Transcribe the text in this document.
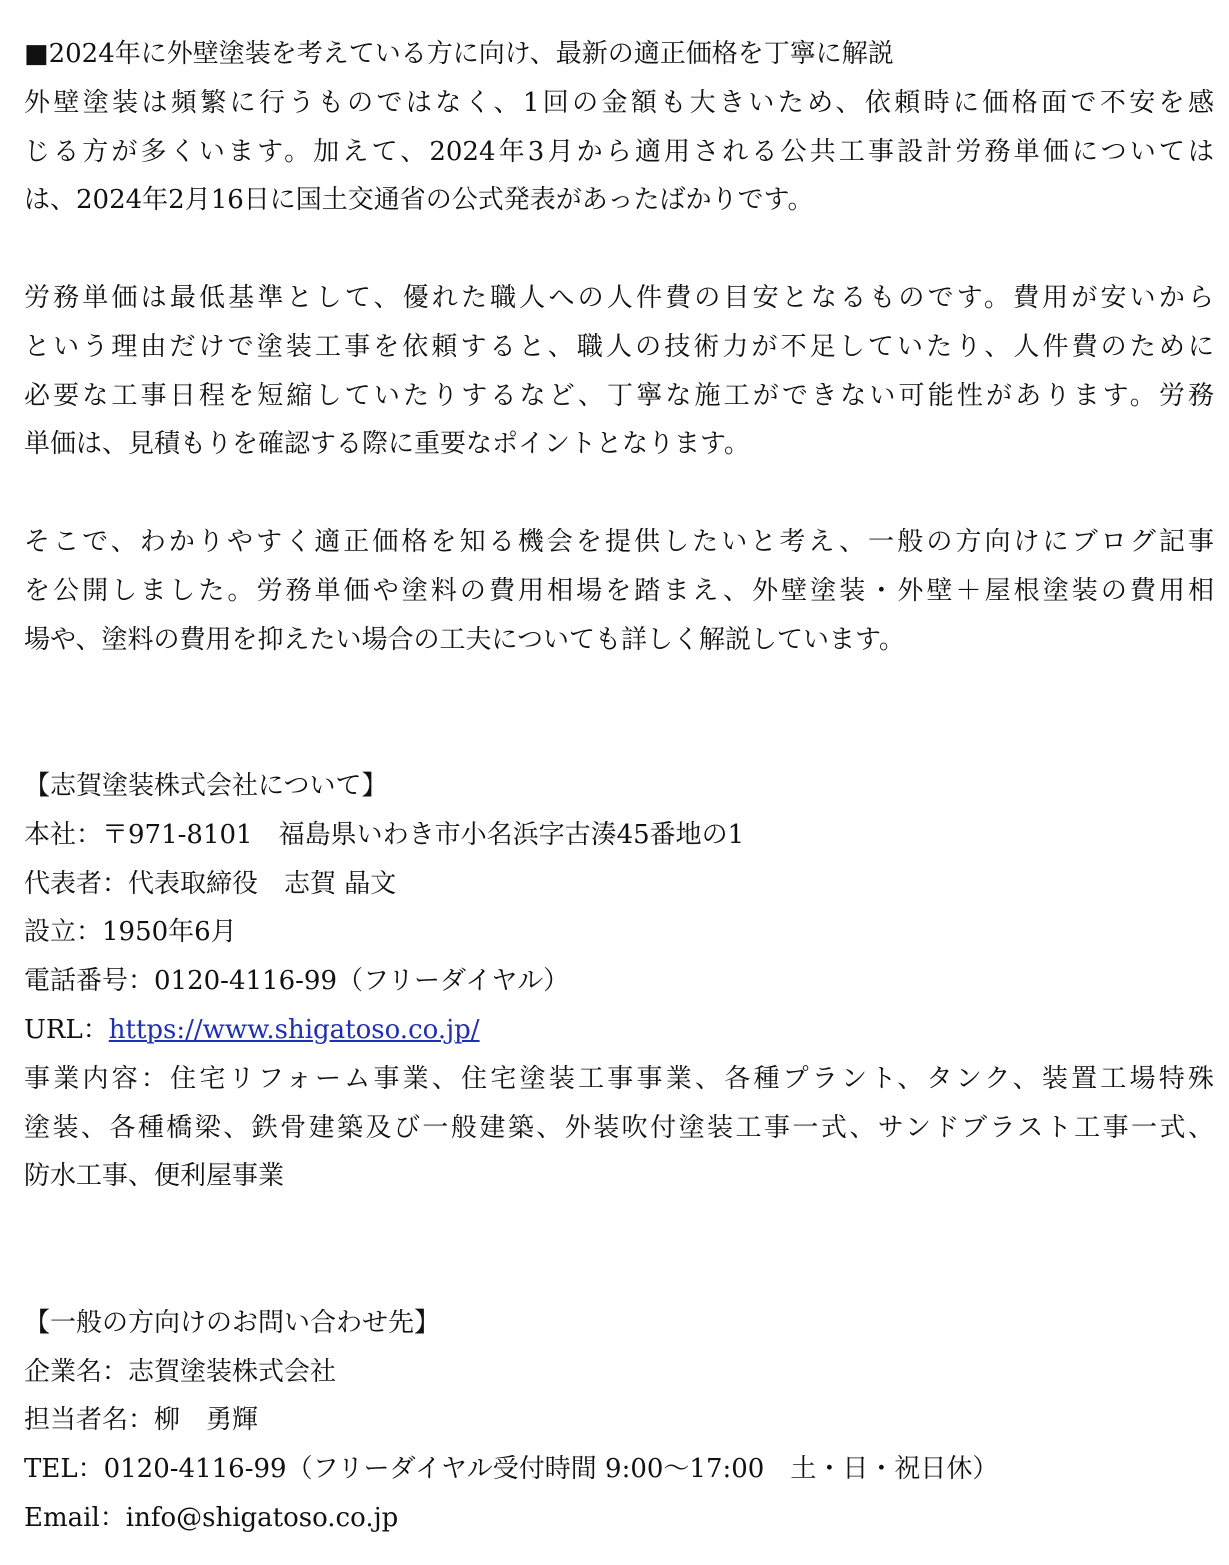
■2024年に外壁塗装を考えている方に向け、最新の適正価格を丁寧に解説
外壁塗装は頻繁に行うものではなく、1回の金額も大きいため、依頼時に価格面で不安を感
じる方が多くいます。加えて、2024年3月から適用される公共工事設計労務単価については
は、2024年2月16日に国土交通省の公式発表があったばかりです。
労務単価は最低基準として、優れた職人への人件費の目安となるものです。費用が安いから
という理由だけで塗装工事を依頼すると、職人の技術力が不足していたり、人件費のために
必要な工事日程を短縮していたりするなど、丁寧な施工ができない可能性があります。労務
単価は、見積もりを確認する際に重要なポイントとなります。
そこで、わかりやすく適正価格を知る機会を提供したいと考え、一般の方向けにブログ記事
を公開しました。労務単価や塗料の費用相場を踏まえ、外壁塗装・外壁＋屋根塗装の費用相
場や、塗料の費用を抑えたい場合の工夫についても詳しく解説しています。
【志賀塗装株式会社について】
本社：〒971-8101　福島県いわき市小名浜字古湊45番地の1
代表者：代表取締役　志賀 晶文
設立：1950年6月
電話番号：0120-4116-99（フリーダイヤル）
URL：https://www.shigatoso.co.jp/
事業内容：住宅リフォーム事業、住宅塗装工事事業、各種プラント、タンク、装置工場特殊
塗装、各種橋梁、鉄骨建築及び一般建築、外装吹付塗装工事一式、サンドブラスト工事一式、
防水工事、便利屋事業
【一般の方向けのお問い合わせ先】
企業名：志賀塗装株式会社
担当者名：柳　勇輝
TEL：0120-4116-99（フリーダイヤル受付時間 9:00～17:00　土・日・祝日休）
Email：info@shigatoso.co.jp
